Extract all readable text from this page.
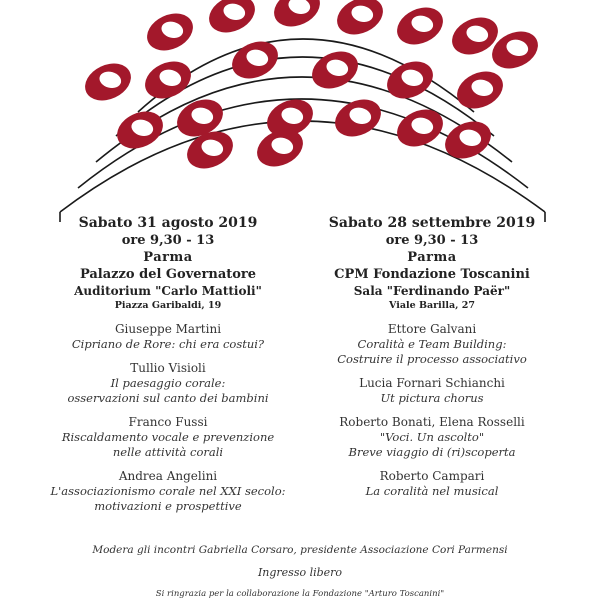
Sabato 31 agosto 2019
ore 9,30 - 13
Parma
Palazzo del Governatore
Auditorium "Carlo Mattioli"
Piazza Garibaldi, 19
Giuseppe Martini
Cipriano de Rore: chi era costui?
Tullio Visioli
Il paesaggio corale:
osservazioni sul canto dei bambini
Franco Fussi
Riscaldamento vocale e prevenzione
nelle attività corali
Andrea Angelini
L'associazionismo corale nel XXI secolo:
motivazioni e prospettive
Sabato 28 settembre 2019
ore 9,30 - 13
Parma
CPM Fondazione Toscanini
Sala "Ferdinando Paër"
Viale Barilla, 27
Ettore Galvani
Coralità e Team Building:
Costruire il processo associativo
Lucia Fornari Schianchi
Ut pictura chorus
Roberto Bonati, Elena Rosselli
"Voci. Un ascolto"
Breve viaggio di (ri)scoperta
Roberto Campari
La coralità nel musical
Modera gli incontri Gabriella Corsaro, presidente Associazione Cori Parmensi
Ingresso libero
Si ringrazia per la collaborazione la Fondazione "Arturo Toscanini"
